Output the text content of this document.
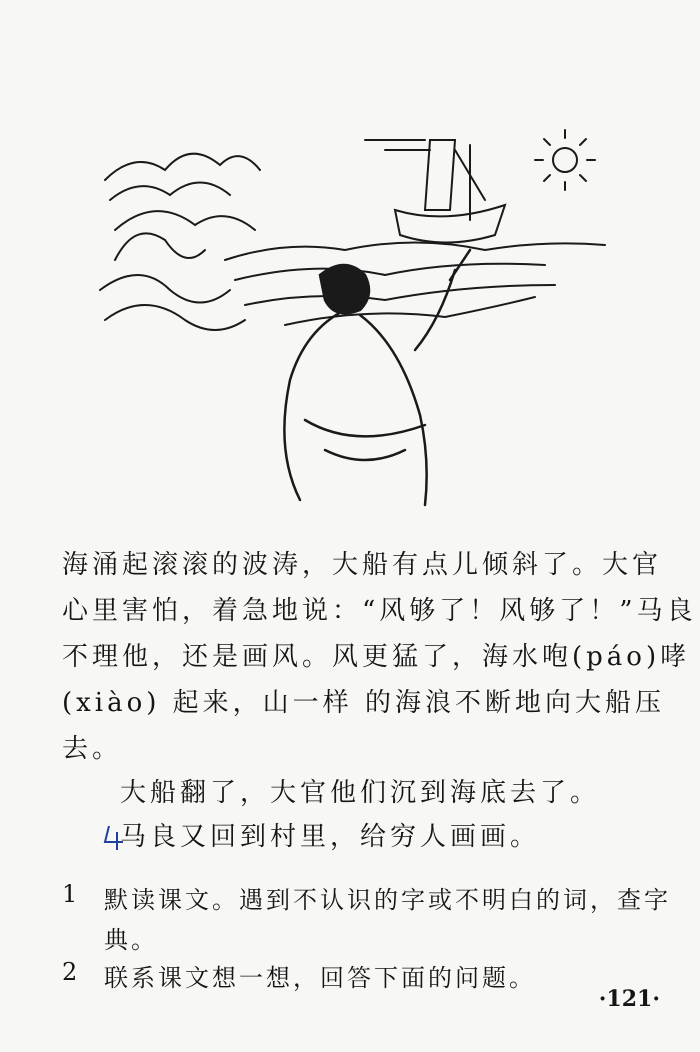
海涌起滚滚的波涛，大船有点儿倾斜了。大官
心里害怕，着急地说：“风够了！风够了！”马良
不理他，还是画风。风更猛了，海水咆(páo)哮
(xiào) 起来，山一样 的海浪不断地向大船压
去。
大船翻了，大官他们沉到海底去了。
马良又回到村里，给穷人画画。
1 默读课文。遇到不认识的字或不明白的词，查字
典。
2 联系课文想一想，回答下面的问题。
·121·
